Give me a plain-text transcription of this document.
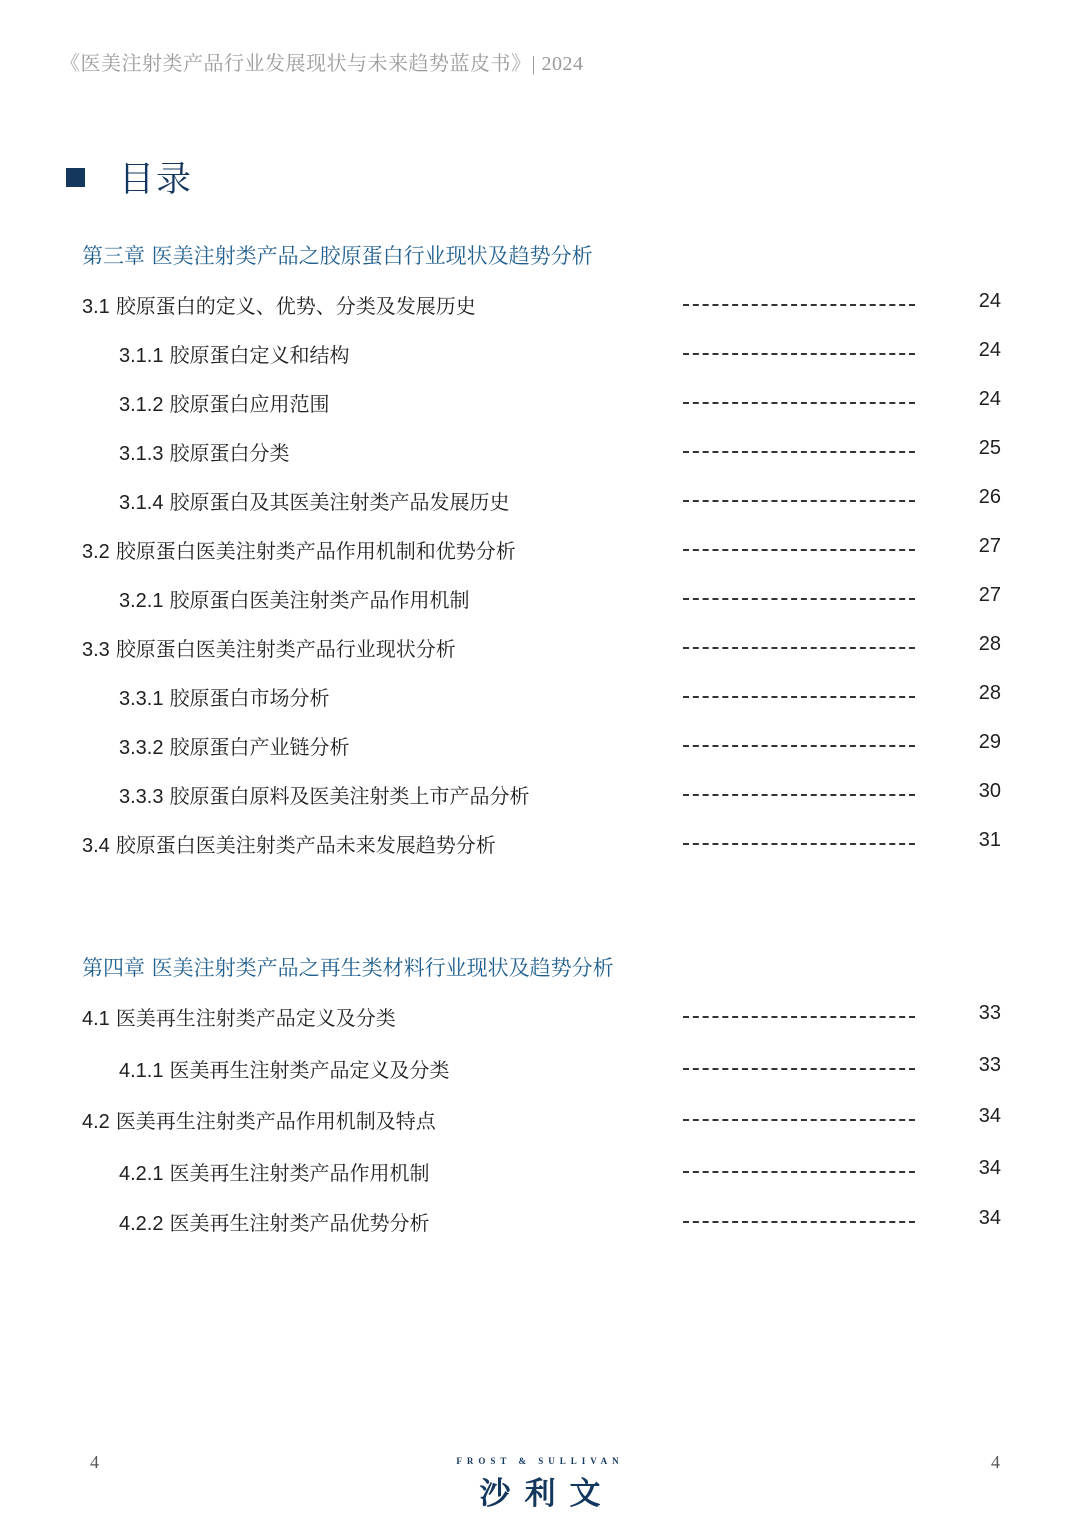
《医美注射类产品行业发展现状与未来趋势蓝皮书》| 2024
目录
第三章 医美注射类产品之胶原蛋白行业现状及趋势分析
3.1 胶原蛋白的定义、优势、分类及发展历史	24
3.1.1 胶原蛋白定义和结构	24
3.1.2 胶原蛋白应用范围	24
3.1.3 胶原蛋白分类	25
3.1.4 胶原蛋白及其医美注射类产品发展历史	26
3.2 胶原蛋白医美注射类产品作用机制和优势分析	27
3.2.1 胶原蛋白医美注射类产品作用机制	27
3.3 胶原蛋白医美注射类产品行业现状分析	28
3.3.1 胶原蛋白市场分析	28
3.3.2 胶原蛋白产业链分析	29
3.3.3 胶原蛋白原料及医美注射类上市产品分析	30
3.4 胶原蛋白医美注射类产品未来发展趋势分析	31
第四章 医美注射类产品之再生类材料行业现状及趋势分析
4.1 医美再生注射类产品定义及分类	33
4.1.1 医美再生注射类产品定义及分类	33
4.2 医美再生注射类产品作用机制及特点	34
4.2.1 医美再生注射类产品作用机制	34
4.2.2 医美再生注射类产品优势分析	34
4	FROST & SULLIVAN
沙利文
4
